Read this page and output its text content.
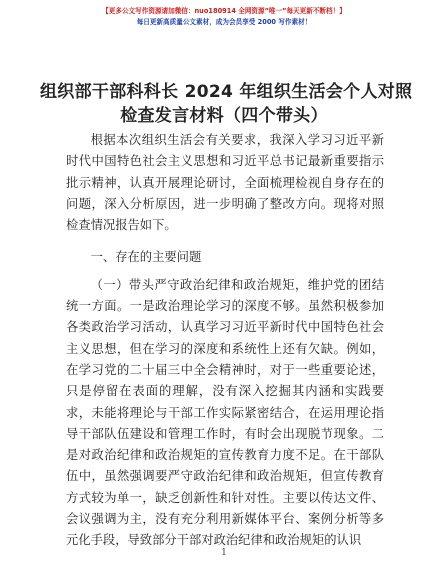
【更多公文写作资源请加微信：nuo180914 全网资源”唯一”每天更新不断档！】
每日更新高质量公文素材，成为会员享受 2000 写作素材！
组织部干部科科长 2024 年组织生活会个人对照
检查发言材料（四个带头）

根据本次组织生活会有关要求，我深入学习习近平新时代中国特色社会主义思想和习近平总书记最新重要指示批示精神，认真开展理论研讨，全面梳理检视自身存在的问题，深入分析原因，进一步明确了整改方向。现将对照检查情况报告如下。

一、存在的主要问题

（一）带头严守政治纪律和政治规矩，维护党的团结统一方面。一是政治理论学习的深度不够。虽然积极参加各类政治学习活动，认真学习习近平新时代中国特色社会主义思想，但在学习的深度和系统性上还有欠缺。例如，在学习党的二十届三中全会精神时，对于一些重要论述，只是停留在表面的理解，没有深入挖掘其内涵和实践要求，未能将理论与干部工作实际紧密结合，在运用理论指导干部队伍建设和管理工作时，有时会出现脱节现象。二是对政治纪律和政治规矩的宣传教育力度不足。在干部队伍中，虽然强调要严守政治纪律和政治规矩，但宣传教育方式较为单一，缺乏创新性和针对性。主要以传达文件、会议强调为主，没有充分利用新媒体平台、案例分析等多元化手段，导致部分干部对政治纪律和政治规矩的认识

1
